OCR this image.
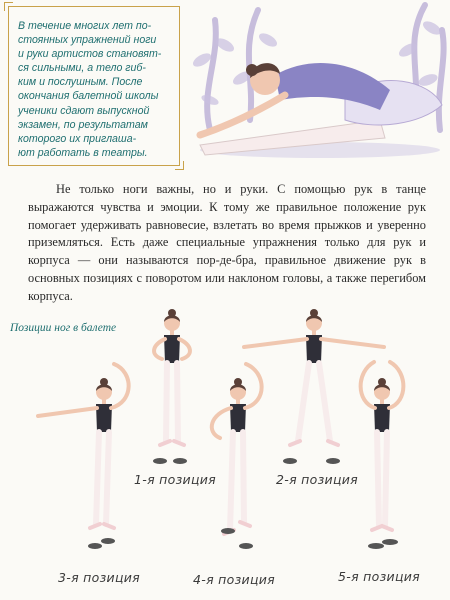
В течение многих лет по-
стоянных упражнений ноги
и руки артистов становят-
ся сильными, а тело гиб-
ким и послушным. После
окончания балетной школы
ученики сдают выпускной
экзамен, по результатам
которого их приглаша-
ют работать в театры.
Не только ноги важны, но и руки. С помощью рук в танце выражаются чувства и эмоции. К тому же правильное положение рук помогает удерживать равновесие, взлетать во время прыжков и уверенно приземляться. Есть даже специальные упражнения только для рук и корпуса — они называются пор-де-бра, правильное движение рук в основных позициях с поворотом или наклоном головы, а также перегибом корпуса.
Позиции ног в балете
1-я позиция	2-я позиция
3-я позиция	4-я позиция	5-я позиция
